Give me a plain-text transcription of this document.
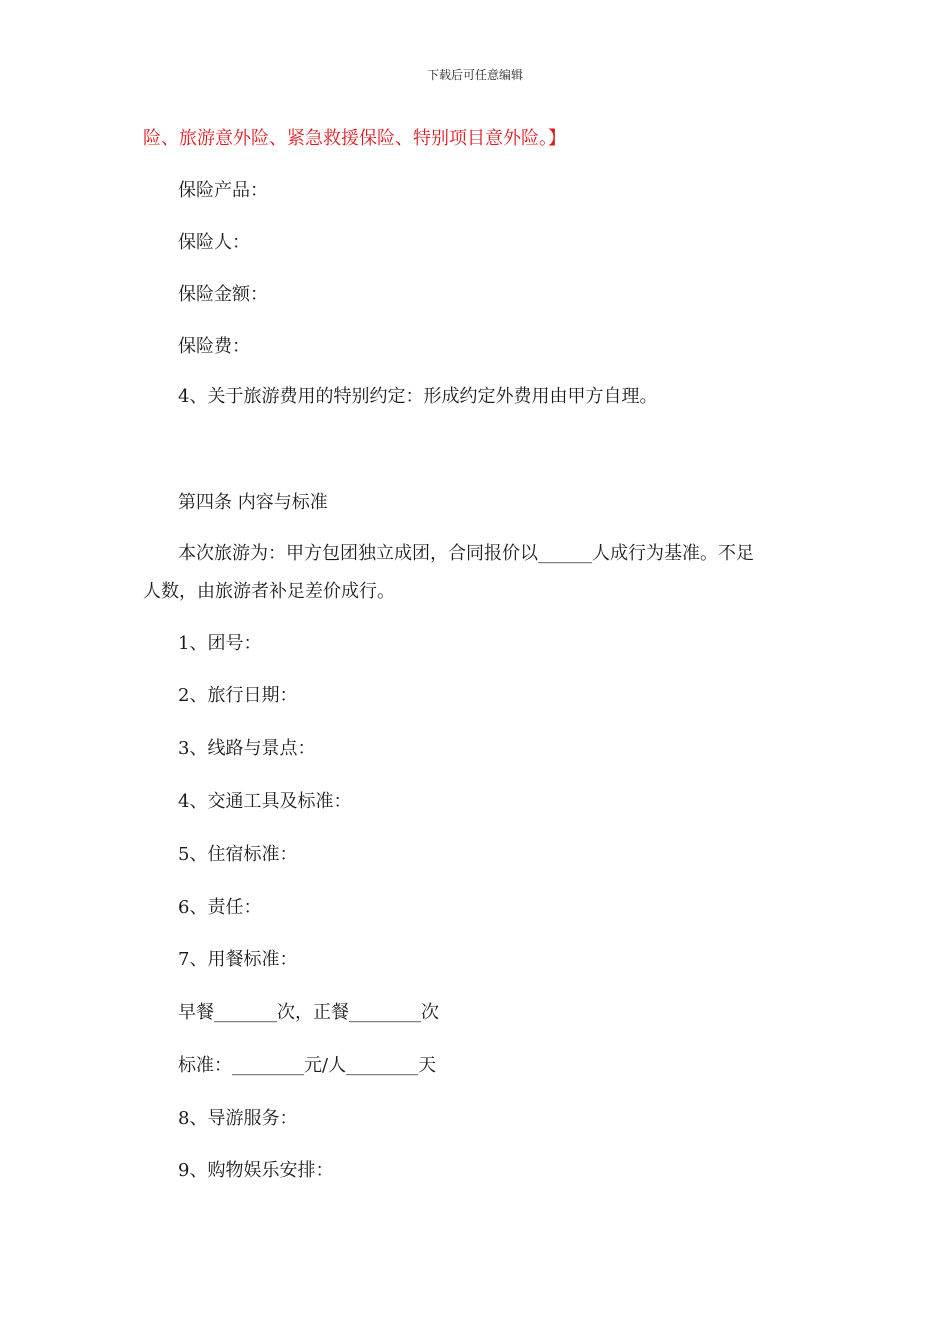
下载后可任意编辑
险、旅游意外险、紧急救援保险、特别项目意外险。】
保险产品：
保险人：
保险金额：
保险费：
4、关于旅游费用的特别约定：形成约定外费用由甲方自理。
第四条 内容与标准
本次旅游为：甲方包团独立成团，合同报价以______人成行为基准。不足
人数，由旅游者补足差价成行。
1、团号：
2、旅行日期：
3、线路与景点：
4、交通工具及标准：
5、住宿标准：
6、责任：
7、用餐标准：
早餐_______次，正餐________次
标准：________元/人________天
8、导游服务：
9、购物娱乐安排：
